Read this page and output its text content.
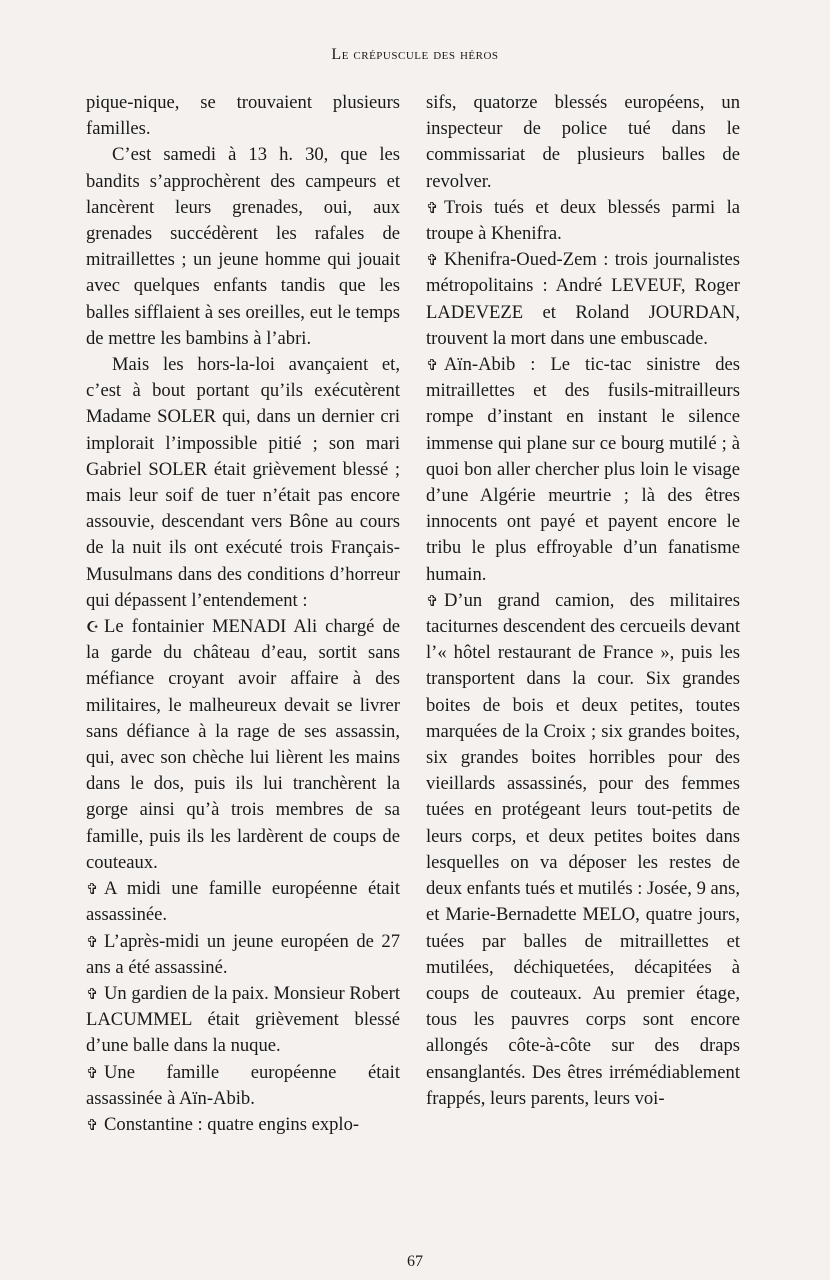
Le crépuscule des héros

pique-nique, se trouvaient plusieurs familles.

C’est samedi à 13 h. 30, que les bandits s’approchèrent des campeurs et lancèrent leurs grenades, oui, aux grenades succédèrent les rafales de mitraillettes ; un jeune homme qui jouait avec quelques enfants tandis que les balles sifflaient à ses oreilles, eut le temps de mettre les bambins à l’abri.

Mais les hors-la-loi avançaient et, c’est à bout portant qu’ils exécutèrent Madame SOLER qui, dans un dernier cri implorait l’impossible pitié ; son mari Gabriel SOLER était grièvement blessé ; mais leur soif de tuer n’était pas encore assouvie, descendant vers Bône au cours de la nuit ils ont exécuté trois Français-Musulmans dans des conditions d’horreur qui dépassent l’entendement :

☪ Le fontainier MENADI Ali chargé de la garde du château d’eau, sortit sans méfiance croyant avoir affaire à des militaires, le malheureux devait se livrer sans défiance à la rage de ses assassin, qui, avec son chèche lui lièrent les mains dans le dos, puis ils lui tranchèrent la gorge ainsi qu’à trois membres de sa famille, puis ils les lardèrent de coups de couteaux.

✞ A midi une famille européenne était assassinée.

✞ L’après-midi un jeune européen de 27 ans a été assassiné.

✞ Un gardien de la paix. Monsieur Robert LACUMMEL était grièvement blessé d’une balle dans la nuque.

✞ Une famille européenne était assassinée à Aïn-Abib.

✞ Constantine : quatre engins explo-

sifs, quatorze blessés européens, un inspecteur de police tué dans le commissariat de plusieurs balles de revolver.

✞ Trois tués et deux blessés parmi la troupe à Khenifra.

✞ Khenifra-Oued-Zem : trois journalistes métropolitains : André LEVEUF, Roger LADEVEZE et Roland JOURDAN, trouvent la mort dans une embuscade.

✞ Aïn-Abib : Le tic-tac sinistre des mitraillettes et des fusils-mitrailleurs rompe d’instant en instant le silence immense qui plane sur ce bourg mutilé ; à quoi bon aller chercher plus loin le visage d’une Algérie meurtrie ; là des êtres innocents ont payé et payent encore le tribu le plus effroyable d’un fanatisme humain.

✞ D’un grand camion, des militaires taciturnes descendent des cercueils devant l’« hôtel restaurant de France », puis les transportent dans la cour. Six grandes boites de bois et deux petites, toutes marquées de la Croix ; six grandes boites, six grandes boites horribles pour des vieillards assassinés, pour des femmes tuées en protégeant leurs tout-petits de leurs corps, et deux petites boites dans lesquelles on va déposer les restes de deux enfants tués et mutilés : Josée, 9 ans, et Marie-Bernadette MELO, quatre jours, tuées par balles de mitraillettes et mutilées, déchiquetées, décapitées à coups de couteaux. Au premier étage, tous les pauvres corps sont encore allongés côte-à-côte sur des draps ensanglantés. Des êtres irrémédiablement frappés, leurs parents, leurs voi-

67
